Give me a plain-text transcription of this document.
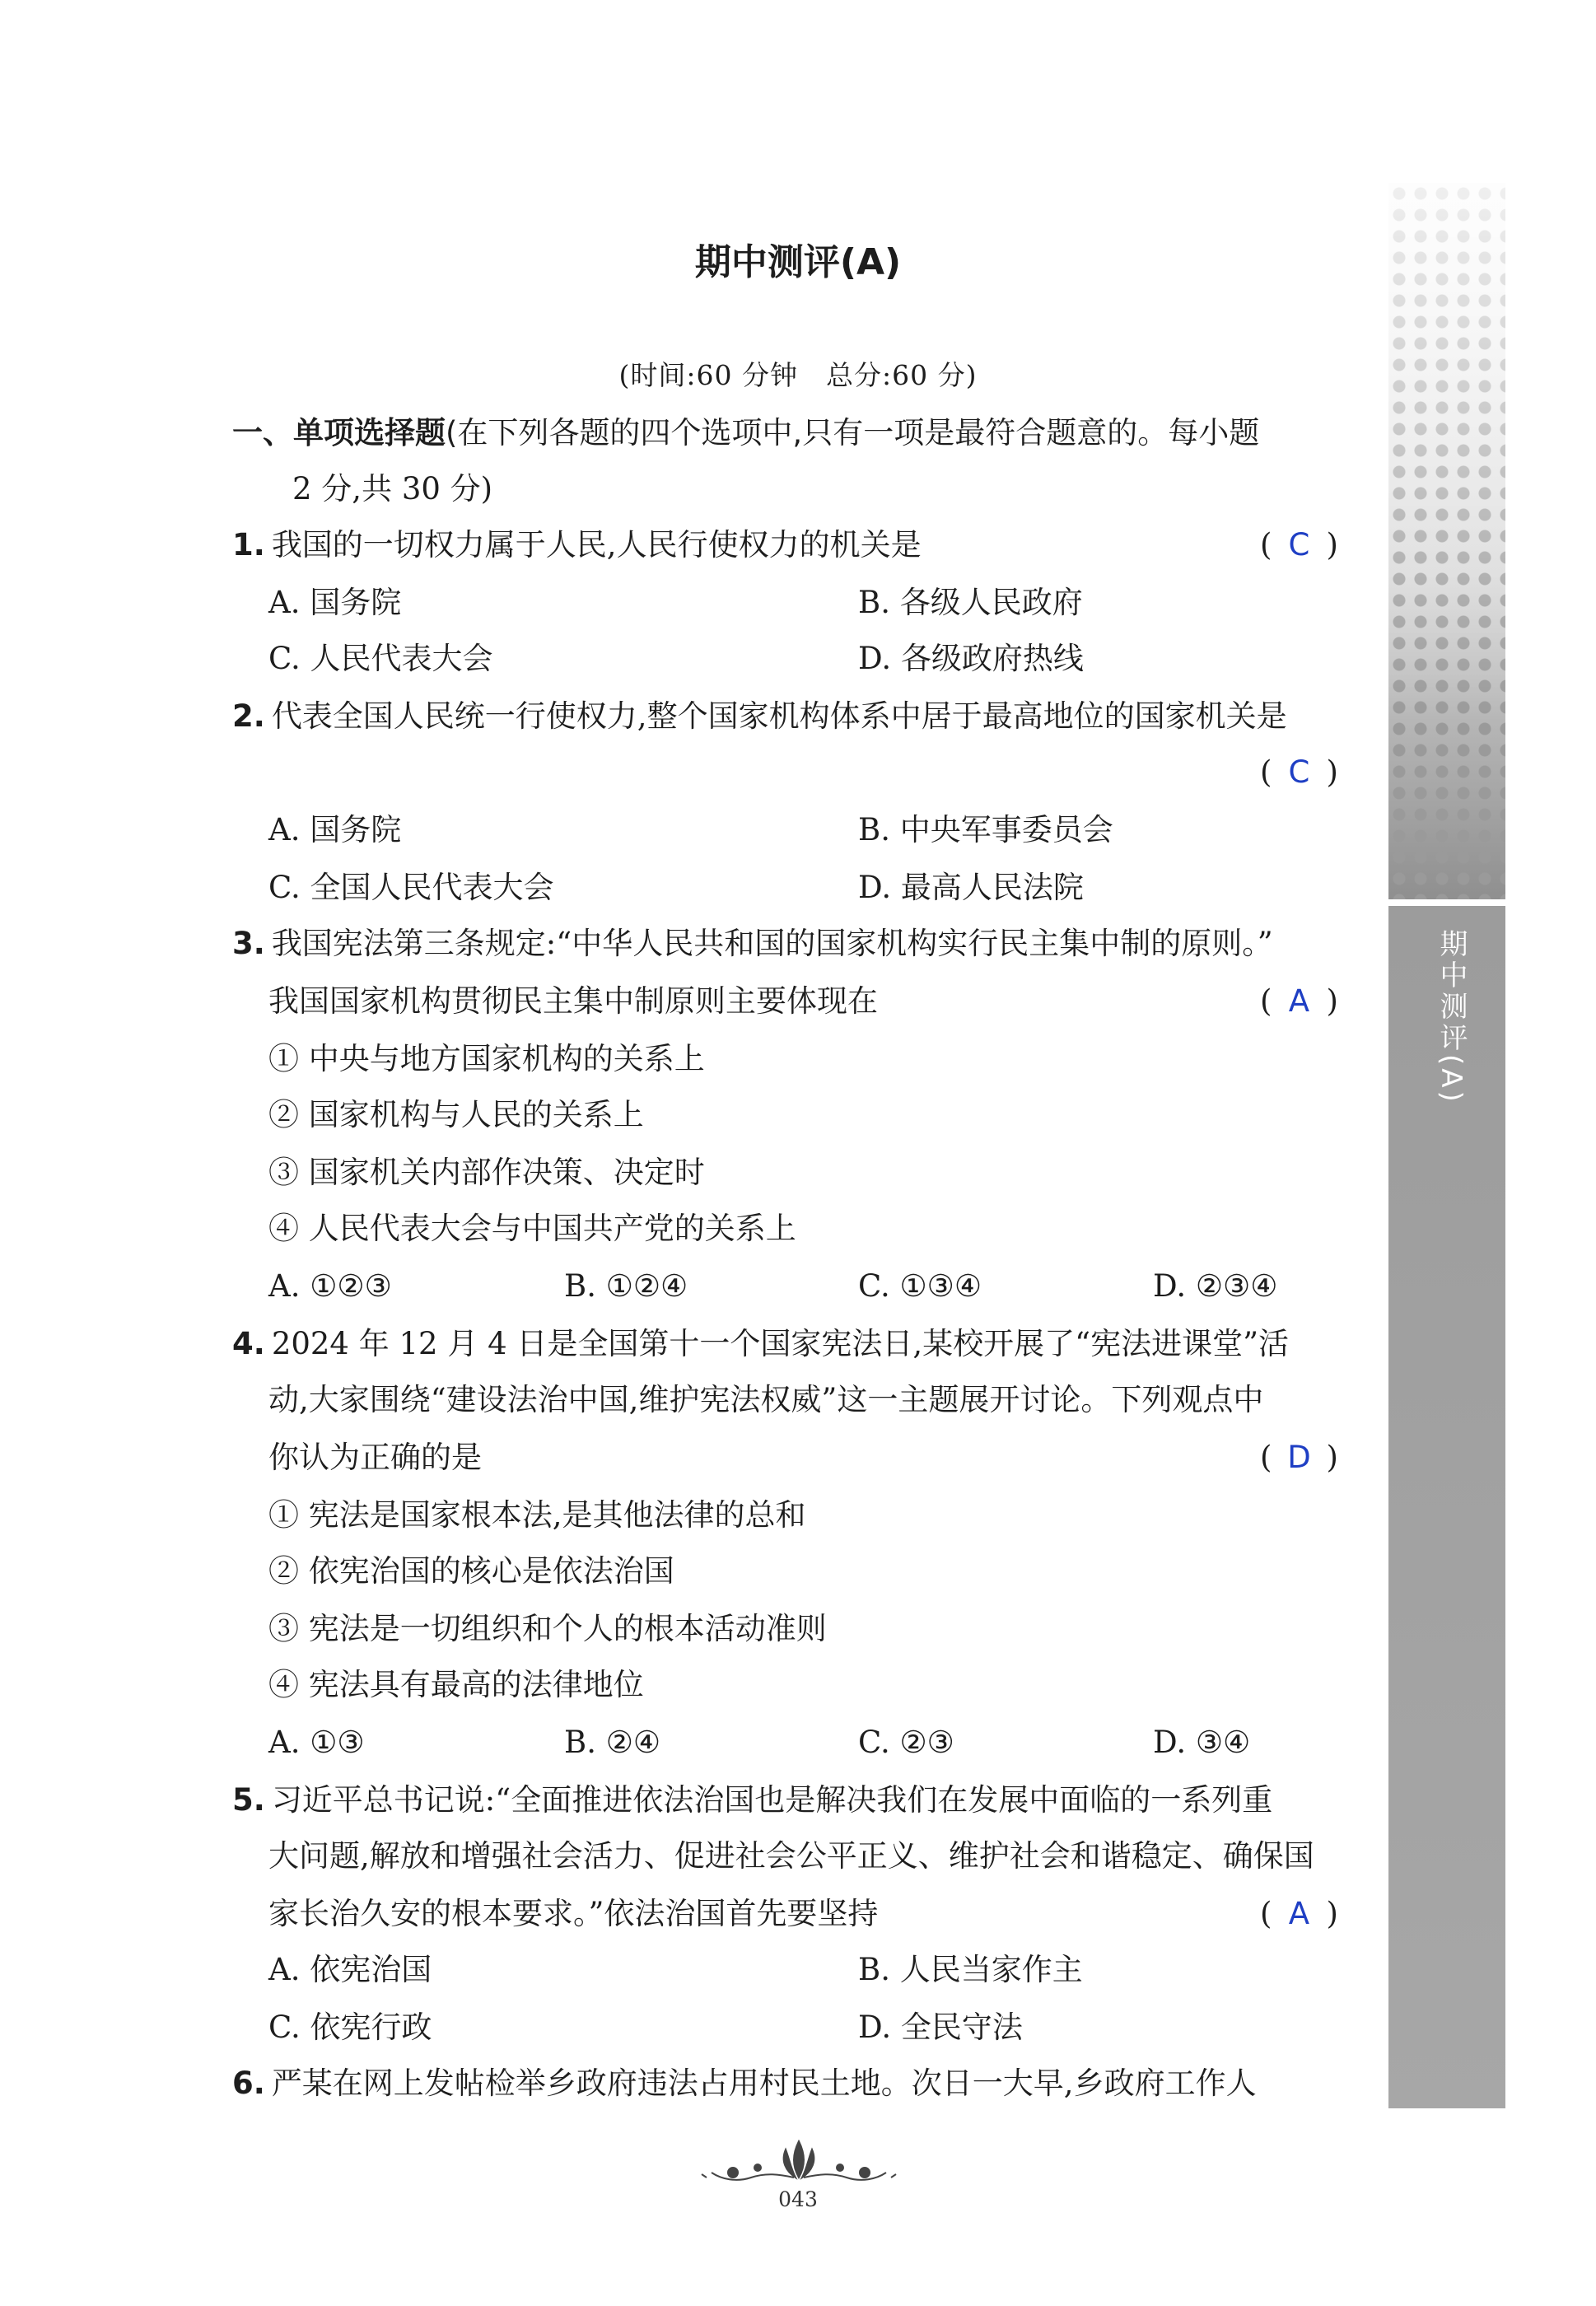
期中测评(A)
期中测评(A)
(时间:60 分钟　总分:60 分)
一、单项选择题(在下列各题的四个选项中,只有一项是最符合题意的。每小题
2 分,共 30 分)
1. 我国的一切权力属于人民,人民行使权力的机关是	( C )
A. 国务院	B. 各级人民政府
C. 人民代表大会	D. 各级政府热线
2. 代表全国人民统一行使权力,整个国家机构体系中居于最高地位的国家机关是
( C )
A. 国务院	B. 中央军事委员会
C. 全国人民代表大会	D. 最高人民法院
3. 我国宪法第三条规定:“中华人民共和国的国家机构实行民主集中制的原则。”
我国国家机构贯彻民主集中制原则主要体现在	( A )
① 中央与地方国家机构的关系上
② 国家机构与人民的关系上
③ 国家机关内部作决策、决定时
④ 人民代表大会与中国共产党的关系上
A. ①②③	B. ①②④	C. ①③④	D. ②③④
4. 2024 年 12 月 4 日是全国第十一个国家宪法日,某校开展了“宪法进课堂”活
动,大家围绕“建设法治中国,维护宪法权威”这一主题展开讨论。下列观点中
你认为正确的是	( D )
① 宪法是国家根本法,是其他法律的总和
② 依宪治国的核心是依法治国
③ 宪法是一切组织和个人的根本活动准则
④ 宪法具有最高的法律地位
A. ①③	B. ②④	C. ②③	D. ③④
5. 习近平总书记说:“全面推进依法治国也是解决我们在发展中面临的一系列重
大问题,解放和增强社会活力、促进社会公平正义、维护社会和谐稳定、确保国
家长治久安的根本要求。”依法治国首先要坚持	( A )
A. 依宪治国	B. 人民当家作主
C. 依宪行政	D. 全民守法
6. 严某在网上发帖检举乡政府违法占用村民土地。次日一大早,乡政府工作人
043
